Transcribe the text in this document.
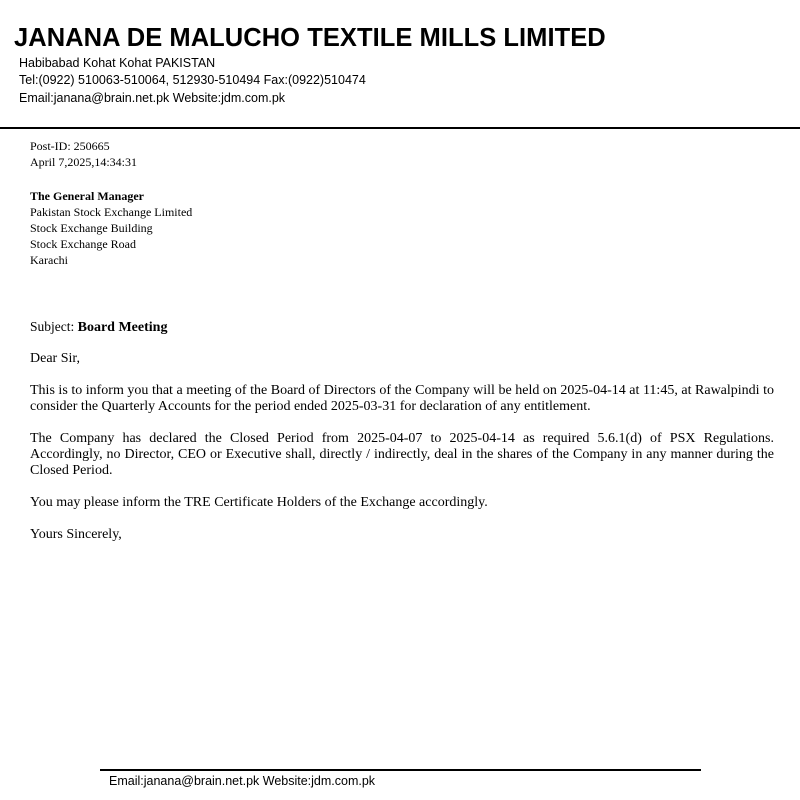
JANANA DE MALUCHO TEXTILE MILLS LIMITED
Habibabad Kohat Kohat PAKISTAN
Tel:(0922) 510063-510064, 512930-510494 Fax:(0922)510474
Email:janana@brain.net.pk Website:jdm.com.pk
Post-ID: 250665
April 7,2025,14:34:31
The General Manager
Pakistan Stock Exchange Limited
Stock Exchange Building
Stock Exchange Road
Karachi
Subject: Board Meeting

Dear Sir,

This is to inform you that a meeting of the Board of Directors of the Company will be held on 2025-04-14 at 11:45, at Rawalpindi to consider the Quarterly Accounts for the period ended 2025-03-31 for declaration of any entitlement.

The Company has declared the Closed Period from 2025-04-07 to 2025-04-14 as required 5.6.1(d) of PSX Regulations. Accordingly, no Director, CEO or Executive shall, directly / indirectly, deal in the shares of the Company in any manner during the Closed Period.

You may please inform the TRE Certificate Holders of the Exchange accordingly.

Yours Sincerely,

Email:janana@brain.net.pk Website:jdm.com.pk
